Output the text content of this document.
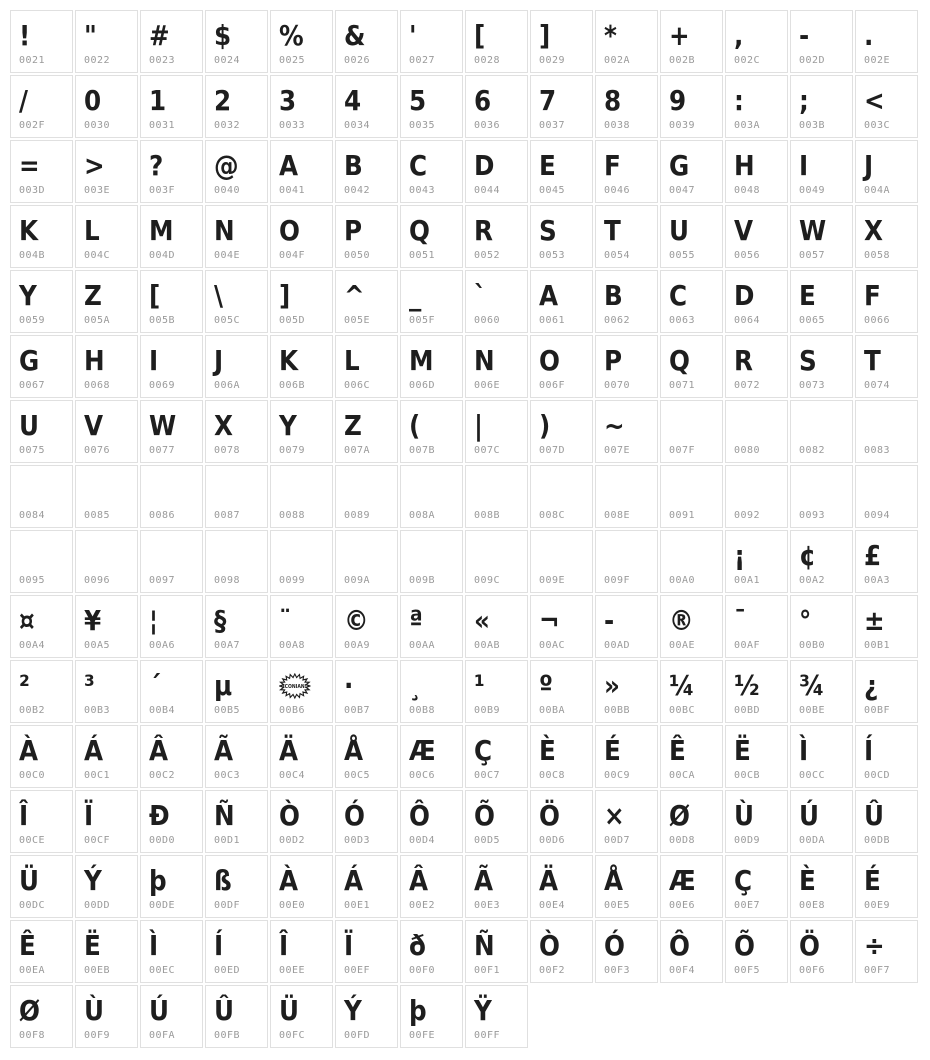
!
0021
"
0022
#
0023
$
0024
%
0025
&
0026
'
0027
[
0028
]
0029
*
002A
+
002B
,
002C
-
002D
.
002E
/
002F
0
0030
1
0031
2
0032
3
0033
4
0034
5
0035
6
0036
7
0037
8
0038
9
0039
:
003A
;
003B
<
003C
=
003D
>
003E
?
003F
@
0040
A
0041
B
0042
C
0043
D
0044
E
0045
F
0046
G
0047
H
0048
I
0049
J
004A
K
004B
L
004C
M
004D
N
004E
O
004F
P
0050
Q
0051
R
0052
S
0053
T
0054
U
0055
V
0056
W
0057
X
0058
Y
0059
Z
005A
[
005B
\
005C
]
005D
^
005E
_
005F
`
0060
A
0061
B
0062
C
0063
D
0064
E
0065
F
0066
G
0067
H
0068
I
0069
J
006A
K
006B
L
006C
M
006D
N
006E
O
006F
P
0070
Q
0071
R
0072
S
0073
T
0074
U
0075
V
0076
W
0077
X
0078
Y
0079
Z
007A
(
007B
|
007C
)
007D
~
007E	007F	0080	0082	0083
0084	0085	0086	0087	0088	0089	008A	008B	008C	008E	0091	0092	0093	0094
0095	0096	0097	0098	0099	009A	009B	009C	009E	009F	00A0
¡
00A1
¢
00A2
£
00A3
¤
00A4
¥
00A5
¦
00A6
§
00A7
¨
00A8
©
00A9
ª
00AA
«
00AB
¬
00AC
-
00AD
®
00AE
¯
00AF
°
00B0
±
00B1
²
00B2
³
00B3
´
00B4
µ
00B5
ICONIAN!
00B6
·
00B7
¸
00B8
¹
00B9
º
00BA
»
00BB
¼
00BC
½
00BD
¾
00BE
¿
00BF
À
00C0
Á
00C1
Â
00C2
Ã
00C3
Ä
00C4
Å
00C5
Æ
00C6
Ç
00C7
È
00C8
É
00C9
Ê
00CA
Ë
00CB
Ì
00CC
Í
00CD
Î
00CE
Ï
00CF
Ð
00D0
Ñ
00D1
Ò
00D2
Ó
00D3
Ô
00D4
Õ
00D5
Ö
00D6
×
00D7
Ø
00D8
Ù
00D9
Ú
00DA
Û
00DB
Ü
00DC
Ý
00DD
þ
00DE
ß
00DF
À
00E0
Á
00E1
Â
00E2
Ã
00E3
Ä
00E4
Å
00E5
Æ
00E6
Ç
00E7
È
00E8
É
00E9
Ê
00EA
Ë
00EB
Ì
00EC
Í
00ED
Î
00EE
Ï
00EF
ð
00F0
Ñ
00F1
Ò
00F2
Ó
00F3
Ô
00F4
Õ
00F5
Ö
00F6
÷
00F7
Ø
00F8
Ù
00F9
Ú
00FA
Û
00FB
Ü
00FC
Ý
00FD
þ
00FE
Ÿ
00FF
